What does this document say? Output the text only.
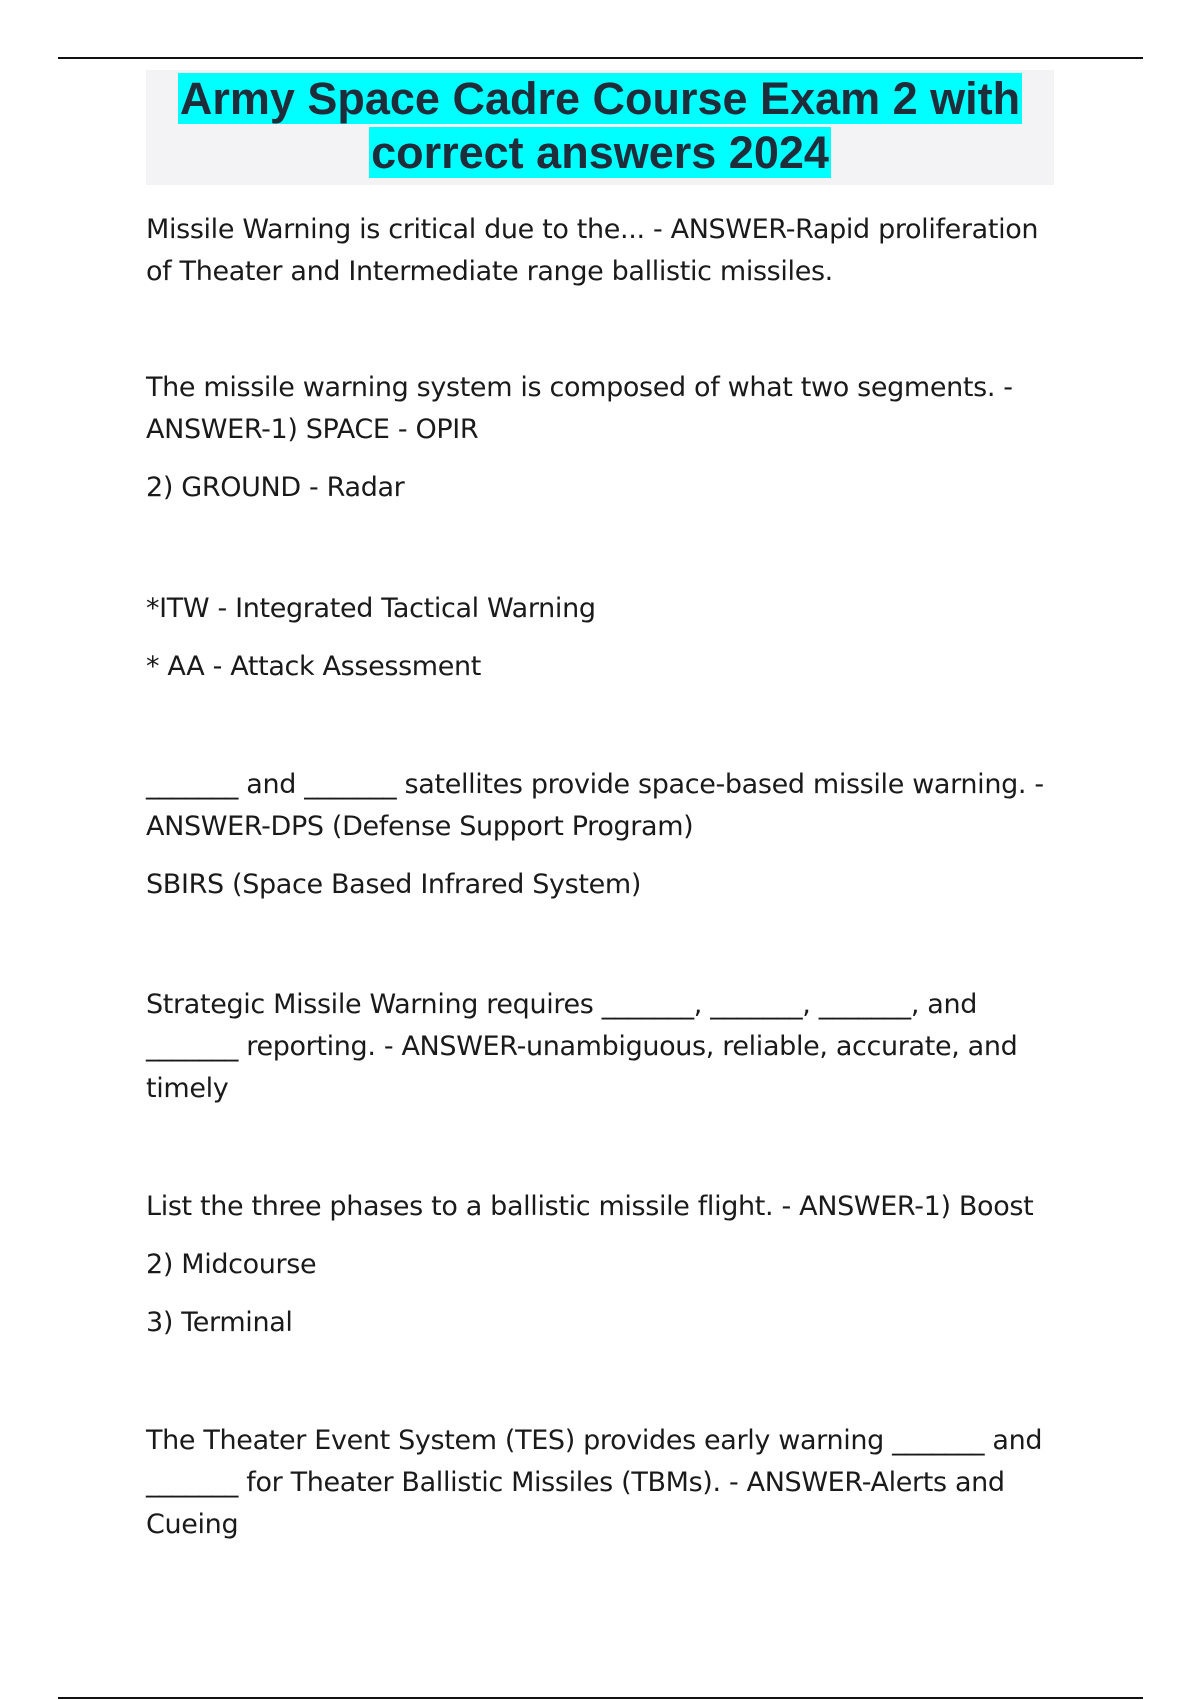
Army Space Cadre Course Exam 2 with
correct answers 2024

Missile Warning is critical due to the... - ANSWER-Rapid proliferation of Theater and Intermediate range ballistic missiles.

The missile warning system is composed of what two segments. - ANSWER-1) SPACE - OPIR

2) GROUND - Radar

*ITW - Integrated Tactical Warning

* AA - Attack Assessment

_______ and _______ satellites provide space-based missile warning. - ANSWER-DPS (Defense Support Program)

SBIRS (Space Based Infrared System)

Strategic Missile Warning requires _______, _______, _______, and _______ reporting. - ANSWER-unambiguous, reliable, accurate, and timely

List the three phases to a ballistic missile flight. - ANSWER-1) Boost

2) Midcourse

3) Terminal

The Theater Event System (TES) provides early warning _______ and _______ for Theater Ballistic Missiles (TBMs). - ANSWER-Alerts and Cueing
